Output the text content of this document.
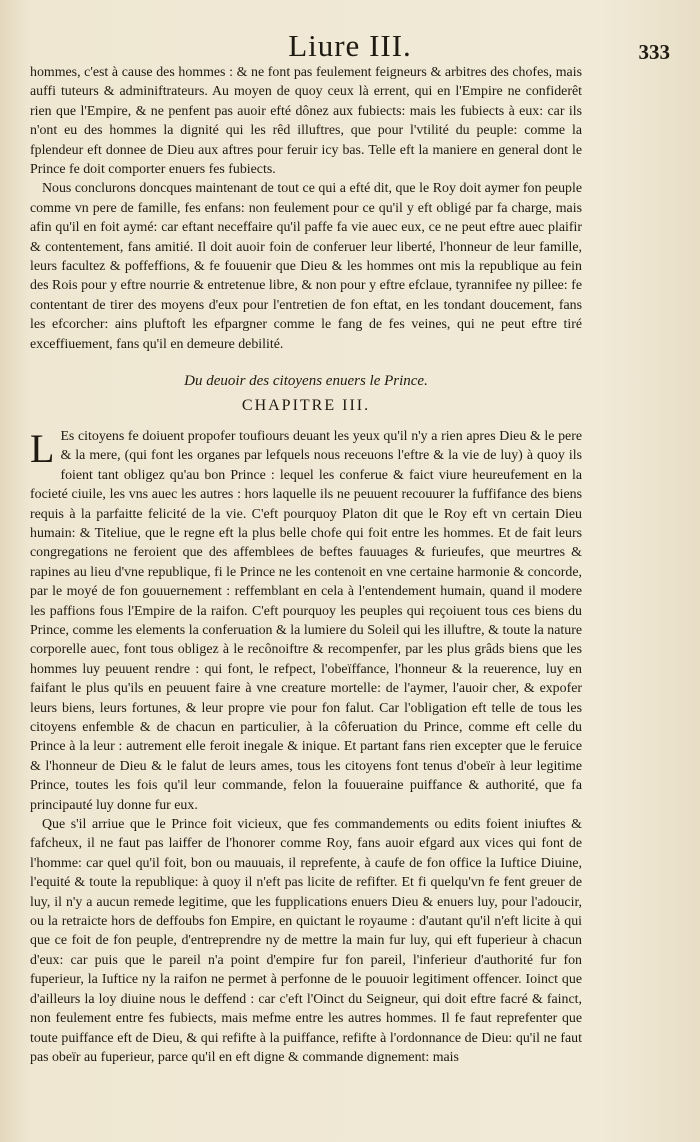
Liure III.	333

hommes, c'est à cause des hommes : & ne font pas feulement feigneurs & arbitres des chofes, mais auffi tuteurs & adminiftrateurs. Au moyen de quoy ceux là errent, qui en l'Empire ne confiderêt rien que l'Empire, & ne penfent pas auoir efté dônez aux fubiects: mais les fubiects à eux: car ils n'ont eu des hommes la dignité qui les rêd illuftres, que pour l'vtilité du peuple: comme la fplendeur eft donnee de Dieu aux aftres pour feruir icy bas. Telle eft la maniere en general dont le Prince fe doit comporter enuers fes fubiects.

Nous conclurons doncques maintenant de tout ce qui a efté dit, que le Roy doit aymer fon peuple comme vn pere de famille, fes enfans: non feulement pour ce qu'il y eft obligé par fa charge, mais afin qu'il en foit aymé: car eftant neceffaire qu'il paffe fa vie auec eux, ce ne peut eftre auec plaifir & contentement, fans amitié. Il doit auoir foin de conferuer leur liberté, l'honneur de leur famille, leurs facultez & poffeffions, & fe fouuenir que Dieu & les hommes ont mis la republique au fein des Rois pour y eftre nourrie & entretenue libre, & non pour y eftre efclaue, tyrannifee ny pillee: fe contentant de tirer des moyens d'eux pour l'entretien de fon eftat, en les tondant doucement, fans les efcorcher: ains pluftoft les efpargner comme le fang de fes veines, qui ne peut eftre tiré exceffiuement, fans qu'il en demeure debilité.

Du deuoir des citoyens enuers le Prince.
CHAPITRE III.

L Es citoyens fe doiuent propofer toufiours deuant les yeux qu'il n'y a rien apres Dieu & le pere & la mere, (qui font les organes par lefquels nous receuons l'eftre & la vie de luy) à quoy ils foient tant obligez qu'au bon Prince : lequel les conferue & faict viure heureufement en la focieté ciuile, les vns auec les autres : hors laquelle ils ne peuuent recouurer la fuffifance des biens requis à la parfaitte felicité de la vie. C'eft pourquoy Platon dit que le Roy eft vn certain Dieu humain: & Titeliue, que le regne eft la plus belle chofe qui foit entre les hommes. Et de fait leurs congregations ne feroient que des affemblees de beftes fauuages & furieufes, que meurtres & rapines au lieu d'vne republique, fi le Prince ne les contenoit en vne certaine harmonie & concorde, par le moyé de fon gouuernement : reffemblant en cela à l'entendement humain, quand il modere les paffions fous l'Empire de la raifon. C'eft pourquoy les peuples qui reçoiuent tous ces biens du Prince, comme les elements la conferuation & la lumiere du Soleil qui les illuftre, & toute la nature corporelle auec, font tous obligez à le recônoiftre & recompenfer, par les plus grâds biens que les hommes luy peuuent rendre : qui font, le refpect, l'obeïffance, l'honneur & la reuerence, luy en faifant le plus qu'ils en peuuent faire à vne creature mortelle: de l'aymer, l'auoir cher, & expofer leurs biens, leurs fortunes, & leur propre vie pour fon falut. Car l'obligation eft telle de tous les citoyens enfemble & de chacun en particulier, à la côferuation du Prince, comme eft celle du Prince à la leur : autrement elle feroit inegale & inique. Et partant fans rien excepter que le feruice & l'honneur de Dieu & le falut de leurs ames, tous les citoyens font tenus d'obeïr à leur legitime Prince, toutes les fois qu'il leur commande, felon la fouueraine puiffance & authorité, que fa principauté luy donne fur eux.

Que s'il arriue que le Prince foit vicieux, que fes commandements ou edits foient iniuftes & fafcheux, il ne faut pas laiffer de l'honorer comme Roy, fans auoir efgard aux vices qui font de l'homme: car quel qu'il foit, bon ou mauuais, il reprefente, à caufe de fon office la Iuftice Diuine, l'equité & toute la republique: à quoy il n'eft pas licite de refifter. Et fi quelqu'vn fe fent greuer de luy, il n'y a aucun remede legitime, que les fupplications enuers Dieu & enuers luy, pour l'adoucir, ou la retraicte hors de deffoubs fon Empire, en quictant le royaume : d'autant qu'il n'eft licite à qui que ce foit de fon peuple, d'entreprendre ny de mettre la main fur luy, qui eft fuperieur à chacun d'eux: car puis que le pareil n'a point d'empire fur fon pareil, l'inferieur d'authorité fur fon fuperieur, la Iuftice ny la raifon ne permet à perfonne de le pouuoir legitiment offencer. Ioinct que d'ailleurs la loy diuine nous le deffend : car c'eft l'Oinct du Seigneur, qui doit eftre facré & fainct, non feulement entre fes fubiects, mais mefme entre les autres hommes. Il fe faut reprefenter que toute puiffance eft de Dieu, & qui refifte à la puiffance, refifte à l'ordonnance de Dieu: qu'il ne faut pas obeïr au fuperieur, parce qu'il en eft digne & commande dignement: mais
